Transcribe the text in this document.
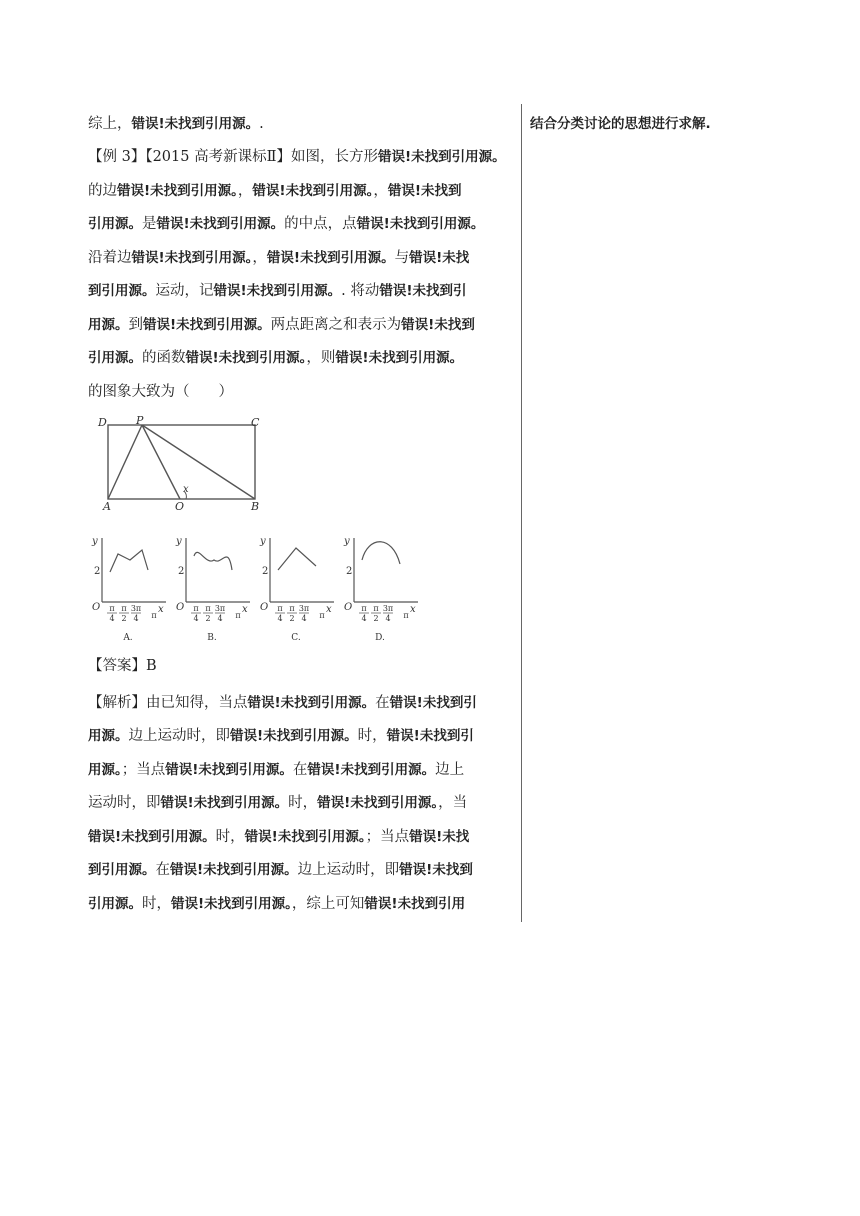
综上，错误!未找到引用源。.
【例 3】【2015 高考新课标Ⅱ】如图，长方形错误!未找到引用源。
的边错误!未找到引用源。，错误!未找到引用源。，错误!未找到
引用源。是错误!未找到引用源。的中点，点错误!未找到引用源。
沿着边错误!未找到引用源。，错误!未找到引用源。与错误!未找
到引用源。运动，记错误!未找到引用源。. 将动错误!未找到引
用源。到错误!未找到引用源。两点距离之和表示为错误!未找到
引用源。的函数错误!未找到引用源。，则错误!未找到引用源。
的图象大致为（　　）
【答案】B
【解析】由已知得，当点错误!未找到引用源。在错误!未找到引
用源。边上运动时，即错误!未找到引用源。时，错误!未找到引
用源。；当点错误!未找到引用源。在错误!未找到引用源。边上
运动时，即错误!未找到引用源。时，错误!未找到引用源。，当
错误!未找到引用源。时，错误!未找到引用源。；当点错误!未找
到引用源。在错误!未找到引用源。边上运动时，即错误!未找到
引用源。时，错误!未找到引用源。，综上可知错误!未找到引用
结合分类讨论的思想进行求解.
D	P	C
A	O	B
x
y
x
O
2
π
4
π
2
3π
4 π
A.
y
x
O
2
π
4
π
2
3π
4 π
B.
y
x
O
2
π
4
π
2
3π
4 π
C.
y
x
O
2
π
4
π
2
3π
4 π
D.
